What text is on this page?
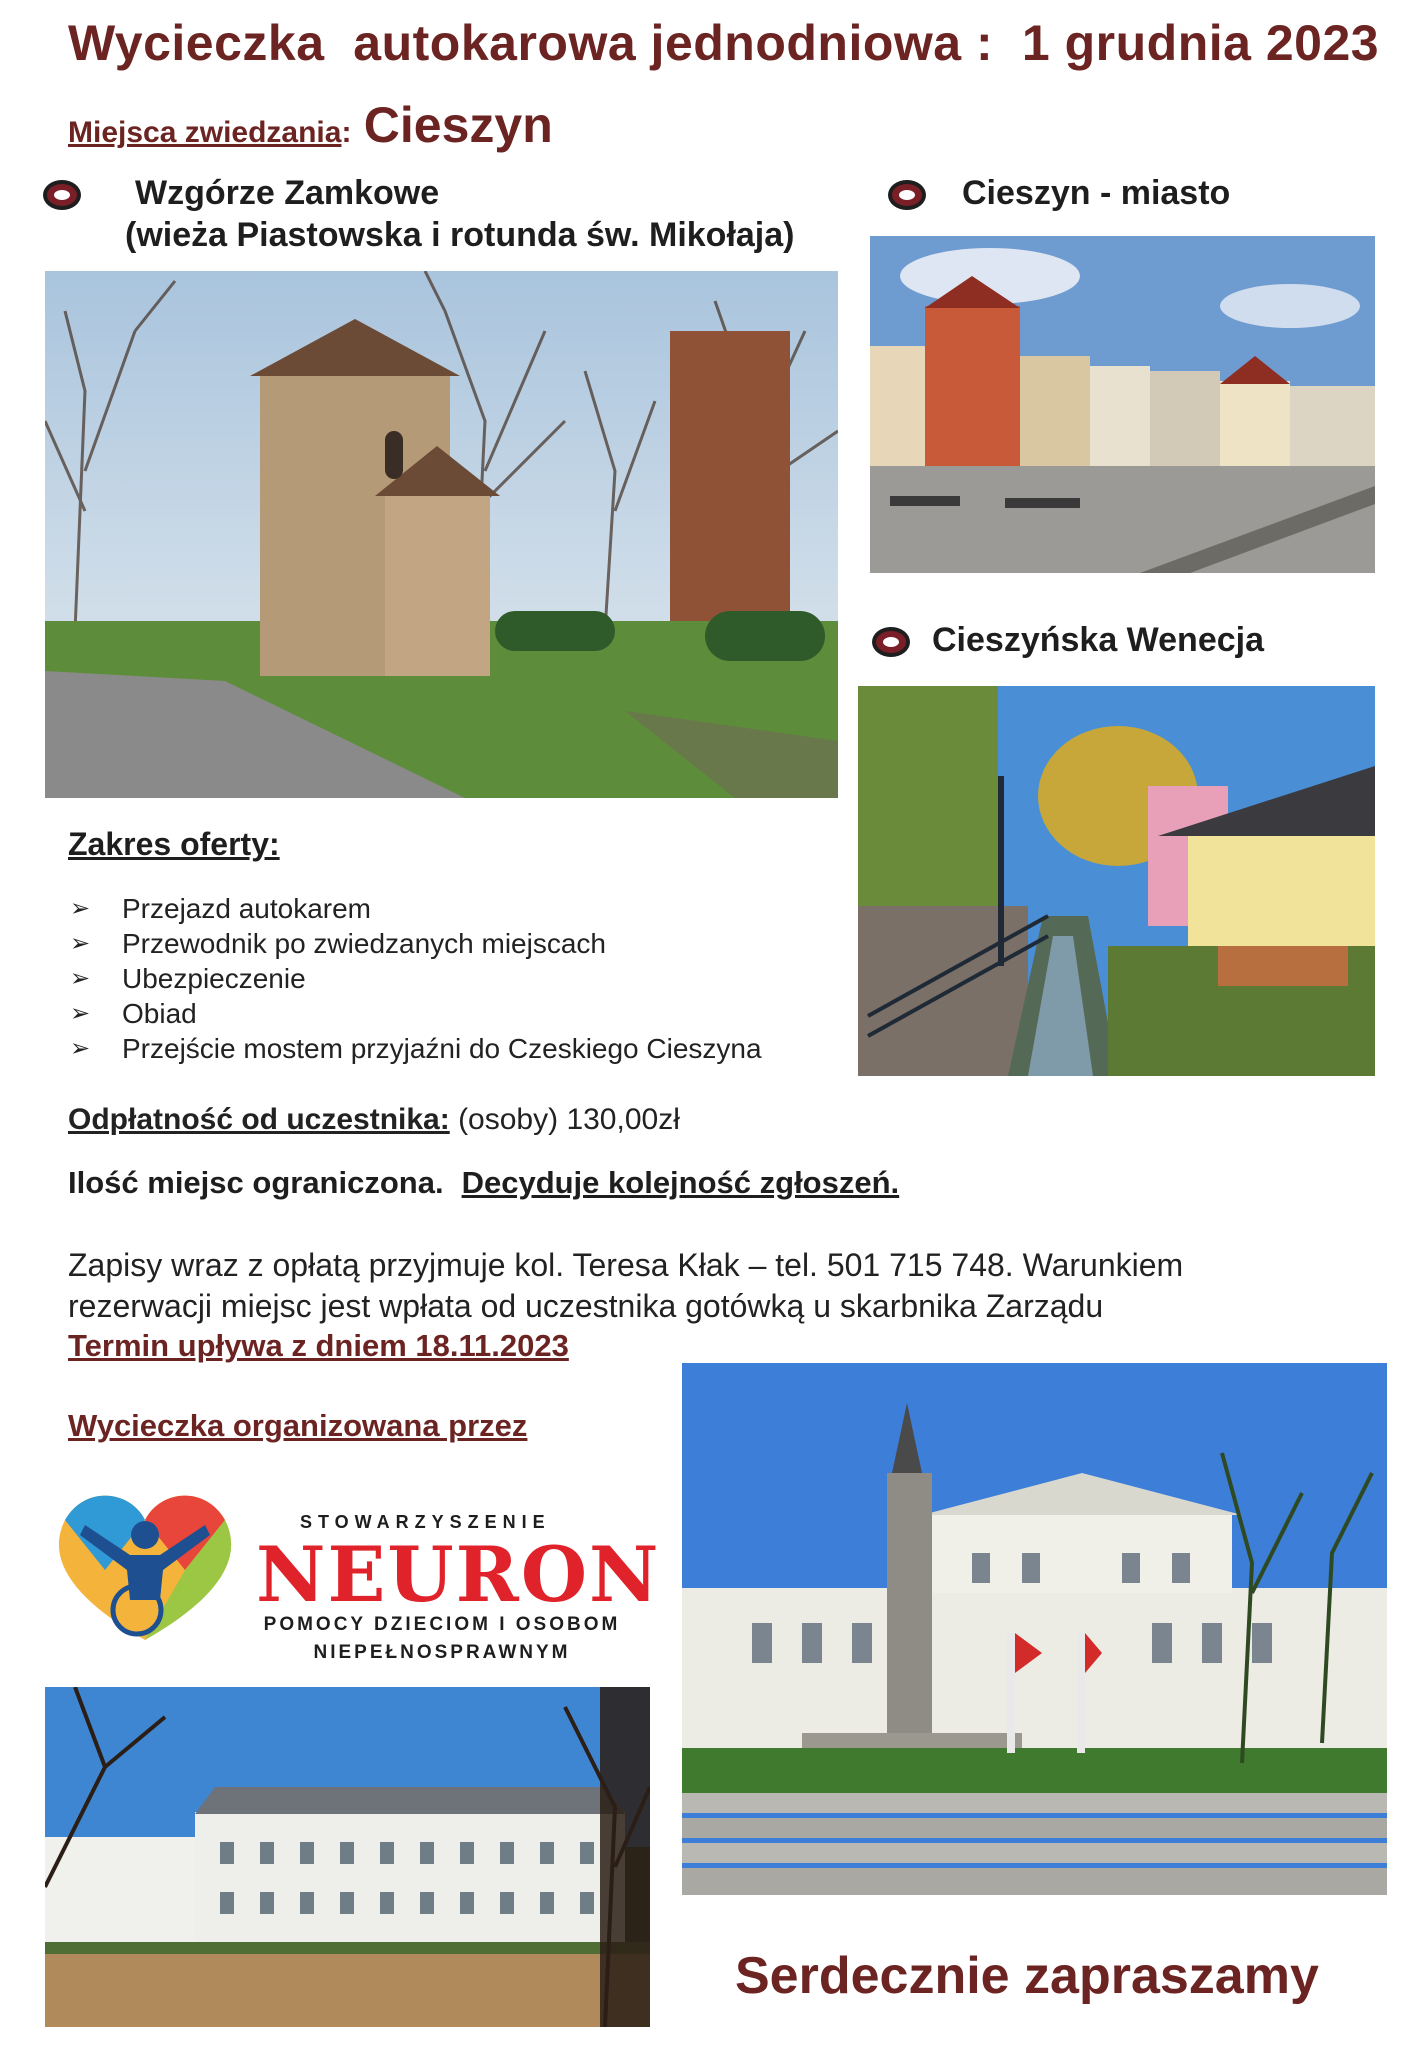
Wycieczka  autokarowa jednodniowa :  1 grudnia 2023
Miejsca zwiedzania: Cieszyn
Wzgórze Zamkowe
(wieża Piastowska i rotunda św. Mikołaja)
Cieszyn - miasto
Cieszyńska Wenecja
Zakres oferty:
➢ Przejazd autokarem
➢ Przewodnik po zwiedzanych miejscach
➢ Ubezpieczenie
➢ Obiad
➢ Przejście mostem przyjaźni do Czeskiego Cieszyna
Odpłatność od uczestnika: (osoby) 130,00zł
Ilość miejsc ograniczona. Decyduje kolejność zgłoszeń.
Zapisy wraz z opłatą przyjmuje kol. Teresa Kłak – tel. 501 715 748. Warunkiem
rezerwacji miejsc jest wpłata od uczestnika gotówką u skarbnika Zarządu
Termin upływa z dniem 18.11.2023
Wycieczka organizowana przez
STOWARZYSZENIE
NEURON
POMOCY DZIECIOM I OSOBOM
NIEPEŁNOSPRAWNYM
Serdecznie zapraszamy
